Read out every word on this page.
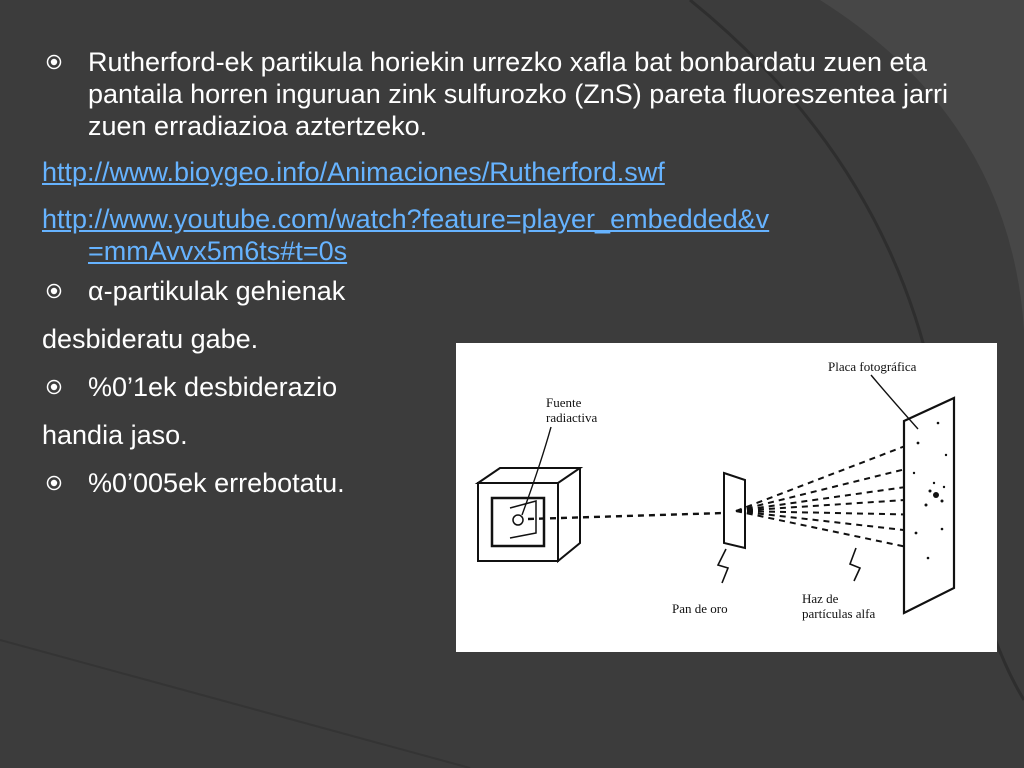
Rutherford-ek partikula horiekin urrezko xafla bat bonbardatu zuen eta pantaila horren inguruan zink sulfurozko (ZnS) pareta fluoreszentea jarri zuen erradiazioa aztertzeko.
http://www.bioygeo.info/Animaciones/Rutherford.swf
http://www.youtube.com/watch?feature=player_embedded&v
=mmAvvx5m6ts#t=0s
α-partikulak gehienak
desbideratu gabe.
%0’1ek desbiderazio
handia jaso.
%0’005ek errebotatu.
Fuente
radiactiva
Placa fotográfica
Pan de oro
Haz de
partículas alfa
